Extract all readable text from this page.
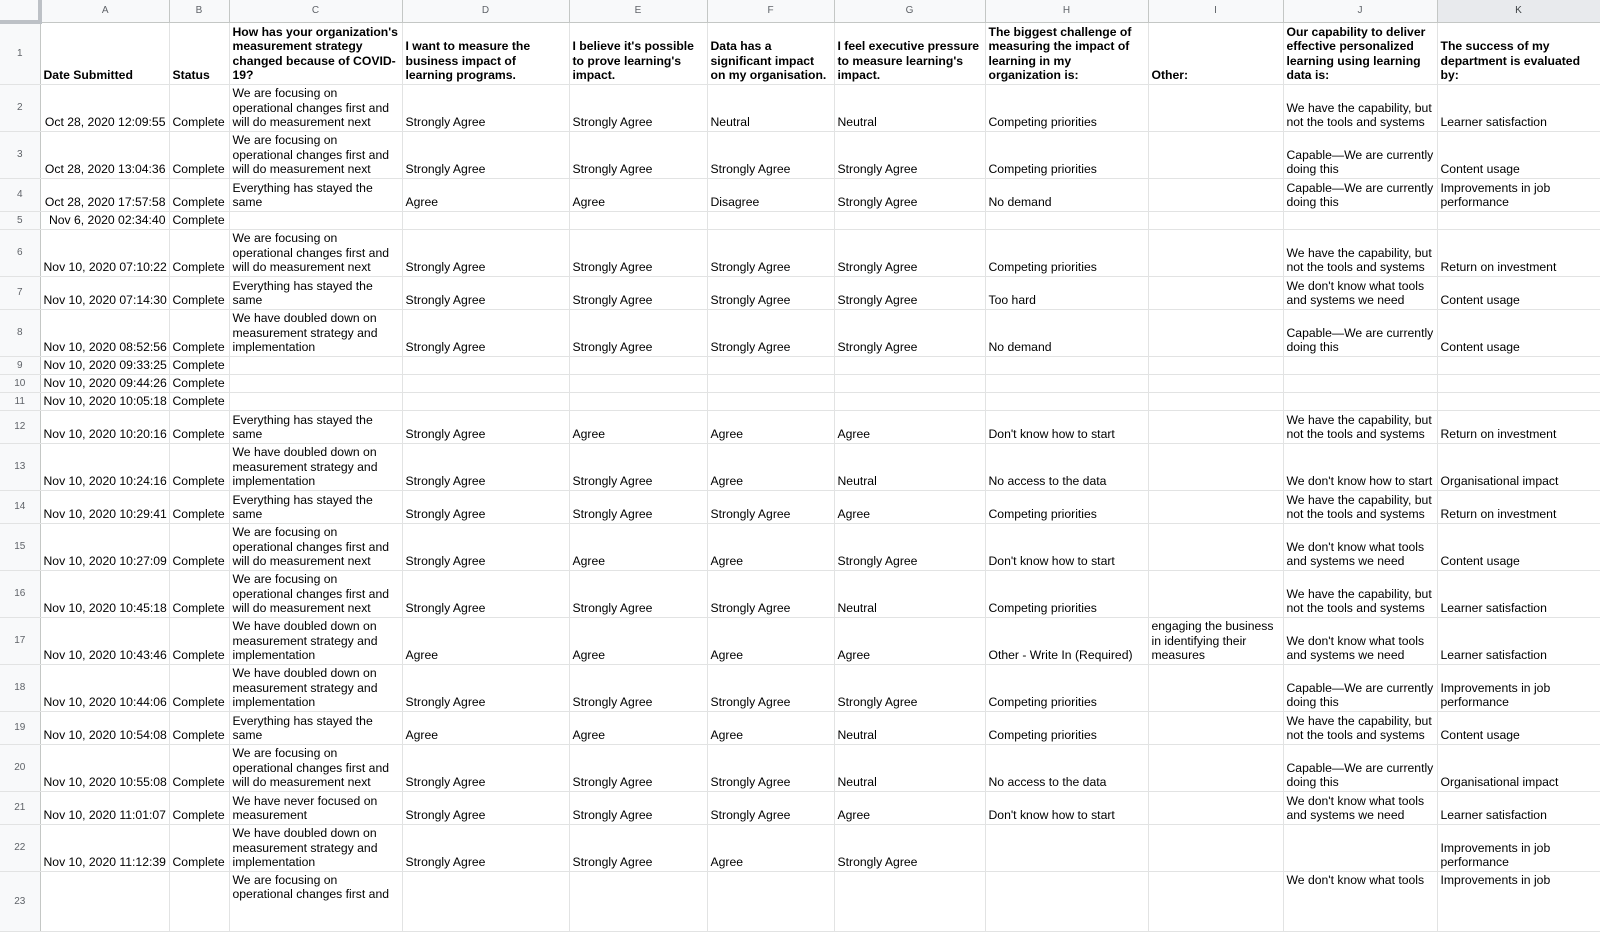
	A	B	C	D	E	F	G	H	I	J	K
1	Date Submitted	Status	How has your organization's measurement strategy changed because of COVID-19?	I want to measure the business impact of learning programs.	I believe it's possible to prove learning's impact.	Data has a significant impact on my organisation.	I feel executive pressure to measure learning's impact.	The biggest challenge of measuring the impact of learning in my organization is:	Other:	Our capability to deliver effective personalized learning using learning data is:	The success of my department is evaluated by:
2	Oct 28, 2020 12:09:55	Complete	We are focusing on operational changes first and will do measurement next	Strongly Agree	Strongly Agree	Neutral	Neutral	Competing priorities		We have the capability, but not the tools and systems	Learner satisfaction
3	Oct 28, 2020 13:04:36	Complete	We are focusing on operational changes first and will do measurement next	Strongly Agree	Strongly Agree	Strongly Agree	Strongly Agree	Competing priorities		Capable—We are currently doing this	Content usage
4	Oct 28, 2020 17:57:58	Complete	Everything has stayed the same	Agree	Agree	Disagree	Strongly Agree	No demand		Capable—We are currently doing this	Improvements in job performance
5	Nov 6, 2020 02:34:40	Complete									
6	Nov 10, 2020 07:10:22	Complete	We are focusing on operational changes first and will do measurement next	Strongly Agree	Strongly Agree	Strongly Agree	Strongly Agree	Competing priorities		We have the capability, but not the tools and systems	Return on investment
7	Nov 10, 2020 07:14:30	Complete	Everything has stayed the same	Strongly Agree	Strongly Agree	Strongly Agree	Strongly Agree	Too hard		We don't know what tools and systems we need	Content usage
8	Nov 10, 2020 08:52:56	Complete	We have doubled down on measurement strategy and implementation	Strongly Agree	Strongly Agree	Strongly Agree	Strongly Agree	No demand		Capable—We are currently doing this	Content usage
9	Nov 10, 2020 09:33:25	Complete									
10	Nov 10, 2020 09:44:26	Complete									
11	Nov 10, 2020 10:05:18	Complete									
12	Nov 10, 2020 10:20:16	Complete	Everything has stayed the same	Strongly Agree	Agree	Agree	Agree	Don't know how to start		We have the capability, but not the tools and systems	Return on investment
13	Nov 10, 2020 10:24:16	Complete	We have doubled down on measurement strategy and implementation	Strongly Agree	Strongly Agree	Agree	Neutral	No access to the data		We don't know how to start	Organisational impact
14	Nov 10, 2020 10:29:41	Complete	Everything has stayed the same	Strongly Agree	Strongly Agree	Strongly Agree	Agree	Competing priorities		We have the capability, but not the tools and systems	Return on investment
15	Nov 10, 2020 10:27:09	Complete	We are focusing on operational changes first and will do measurement next	Strongly Agree	Agree	Agree	Strongly Agree	Don't know how to start		We don't know what tools and systems we need	Content usage
16	Nov 10, 2020 10:45:18	Complete	We are focusing on operational changes first and will do measurement next	Strongly Agree	Strongly Agree	Strongly Agree	Neutral	Competing priorities		We have the capability, but not the tools and systems	Learner satisfaction
17	Nov 10, 2020 10:43:46	Complete	We have doubled down on measurement strategy and implementation	Agree	Agree	Agree	Agree	Other - Write In (Required)	engaging the business in identifying their measures	We don't know what tools and systems we need	Learner satisfaction
18	Nov 10, 2020 10:44:06	Complete	We have doubled down on measurement strategy and implementation	Strongly Agree	Strongly Agree	Strongly Agree	Strongly Agree	Competing priorities		Capable—We are currently doing this	Improvements in job performance
19	Nov 10, 2020 10:54:08	Complete	Everything has stayed the same	Agree	Agree	Agree	Neutral	Competing priorities		We have the capability, but not the tools and systems	Content usage
20	Nov 10, 2020 10:55:08	Complete	We are focusing on operational changes first and will do measurement next	Strongly Agree	Strongly Agree	Strongly Agree	Neutral	No access to the data		Capable—We are currently doing this	Organisational impact
21	Nov 10, 2020 11:01:07	Complete	We have never focused on measurement	Strongly Agree	Strongly Agree	Strongly Agree	Agree	Don't know how to start		We don't know what tools and systems we need	Learner satisfaction
22	Nov 10, 2020 11:12:39	Complete	We have doubled down on measurement strategy and implementation	Strongly Agree	Strongly Agree	Agree	Strongly Agree				Improvements in job performance
23			We are focusing on operational changes first and							We don't know what tools	Improvements in job
